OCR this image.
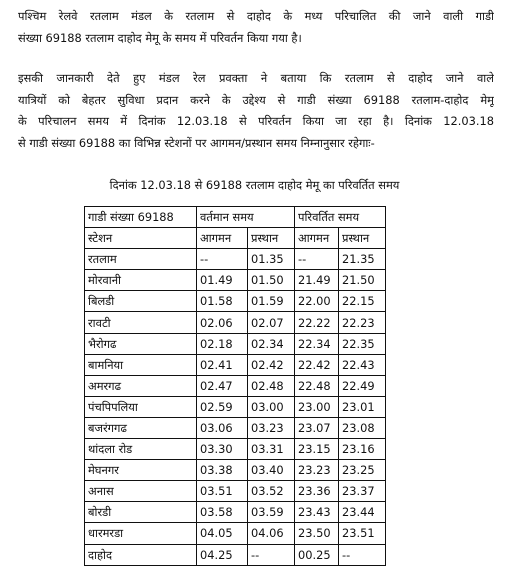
पश्चिम रेलवे रतलाम मंडल के रतलाम से दाहोद के मध्य परिचालित की जाने वाली गाडी
संख्या 69188 रतलाम दाहोद मेमू के समय में परिवर्तन किया गया है।
इसकी जानकारी देते हुए मंडल रेल प्रवक्ता ने बताया कि रतलाम से दाहोद जाने वाले
यात्रियों को बेहतर सुविधा प्रदान करने के उद्देश्य से गाडी संख्या 69188 रतलाम-दाहोद मेमू
के परिचालन समय में दिनांक 12.03.18 से परिवर्तन किया जा रहा है। दिनांक 12.03.18
से गाडी संख्या 69188 का विभिन्न स्टेशनों पर आगमन/प्रस्थान समय निम्नानुसार रहेगाः-
दिनांक 12.03.18 से 69188 रतलाम दाहोद मेमू का परिवर्तित समय
गाडी संख्या 69188	वर्तमान समय		परिवर्तित समय	
स्टेशन	आगमन	प्रस्थान	आगमन	प्रस्थान
रतलाम	--	01.35	--	21.35
मोरवानी	01.49	01.50	21.49	21.50
बिलडी	01.58	01.59	22.00	22.15
रावटी	02.06	02.07	22.22	22.23
भैरोगढ	02.18	02.34	22.34	22.35
बामनिया	02.41	02.42	22.42	22.43
अमरगढ	02.47	02.48	22.48	22.49
पंचपिपलिया	02.59	03.00	23.00	23.01
बजरंगगढ	03.06	03.23	23.07	23.08
थांदला रोड	03.30	03.31	23.15	23.16
मेघनगर	03.38	03.40	23.23	23.25
अनास	03.51	03.52	23.36	23.37
बोरडी	03.58	03.59	23.43	23.44
धारमरडा	04.05	04.06	23.50	23.51
दाहोद	04.25	--	00.25	--
